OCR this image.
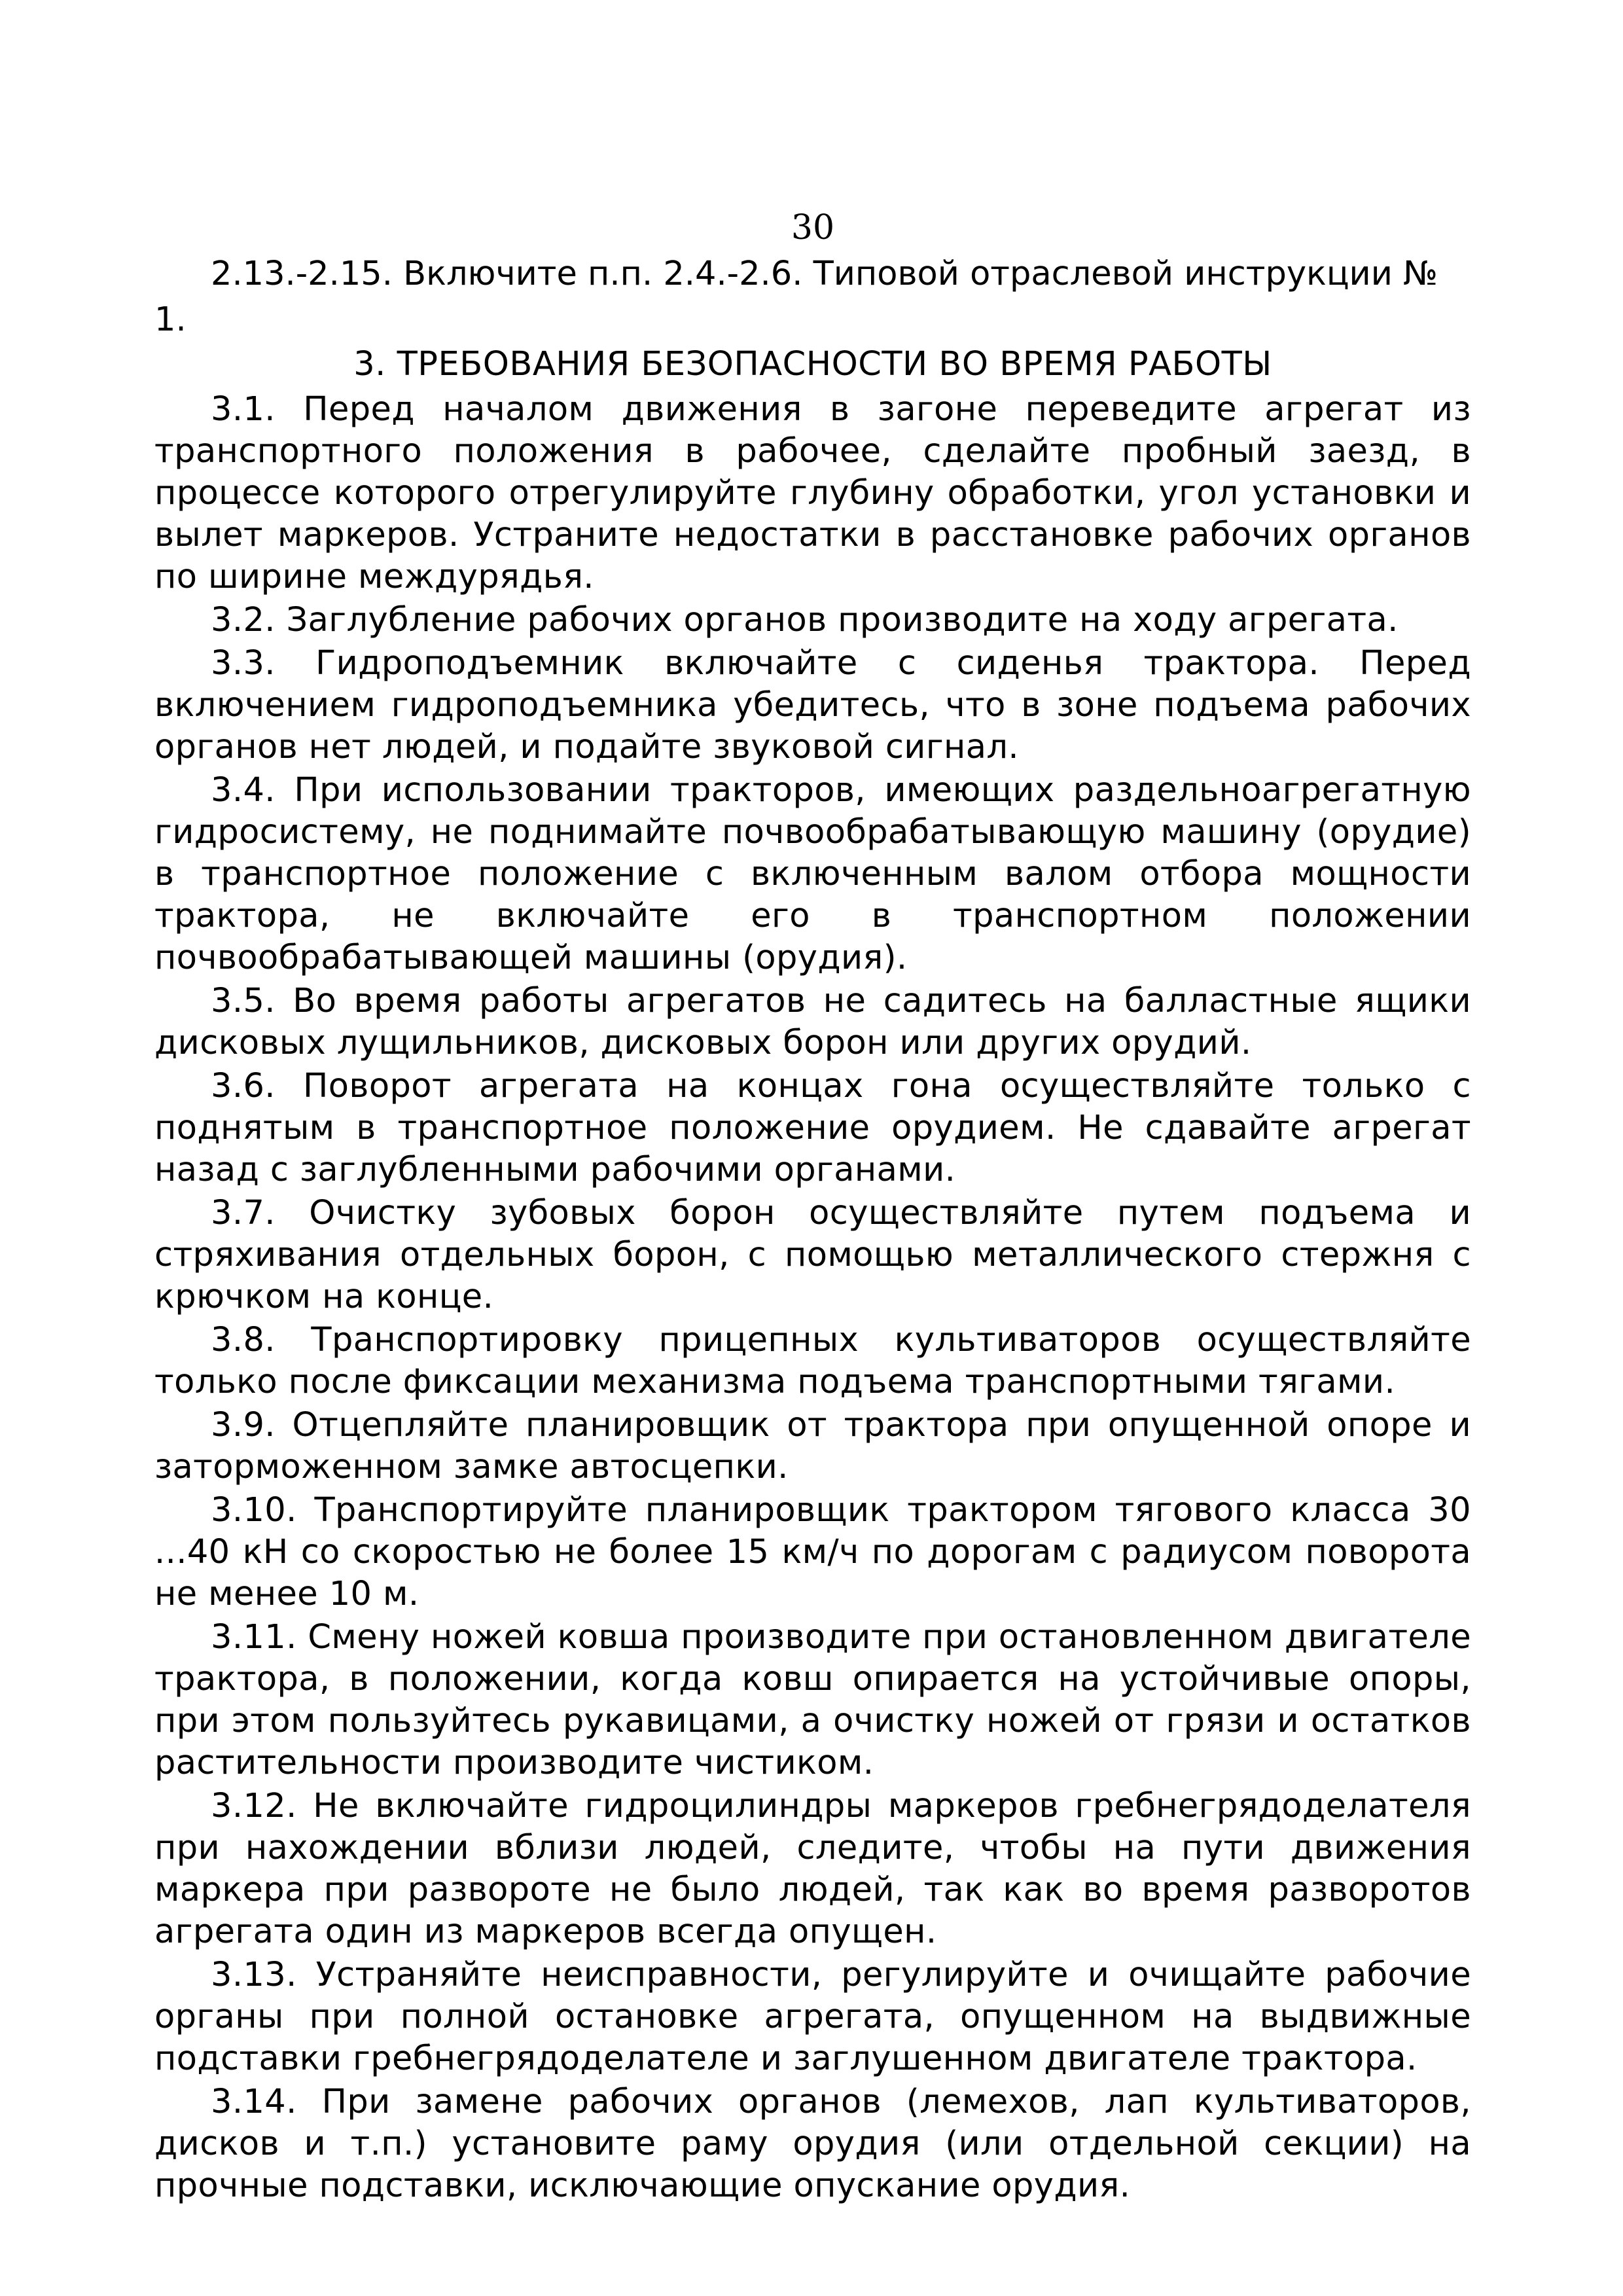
30

2.13.-2.15. Включите п.п. 2.4.-2.6. Типовой отраслевой инструкции № 1.

3. ТРЕБОВАНИЯ БЕЗОПАСНОСТИ ВО ВРЕМЯ РАБОТЫ

3.1. Перед началом движения в загоне переведите агрегат из транспортного положения в рабочее, сделайте пробный заезд, в процессе которого отрегулируйте глубину обработки, угол установки и вылет маркеров. Устраните недостатки в расстановке рабочих органов по ширине междурядья.

3.2. Заглубление рабочих органов производите на ходу агрегата.

3.3. Гидроподъемник включайте с сиденья трактора. Перед включением гидроподъемника убедитесь, что в зоне подъема рабочих органов нет людей, и подайте звуковой сигнал.

3.4. При использовании тракторов, имеющих раздельноагрегатную гидросистему, не поднимайте почвообрабатывающую машину (орудие) в транспортное положение с включенным валом отбора мощности трактора, не включайте его в транспортном положении почвообрабатывающей машины (орудия).

3.5. Во время работы агрегатов не садитесь на балластные ящики дисковых лущильников, дисковых борон или других орудий.

3.6. Поворот агрегата на концах гона осуществляйте только с поднятым в транспортное положение орудием. Не сдавайте агрегат назад с заглубленными рабочими органами.

3.7. Очистку зубовых борон осуществляйте путем подъема и стряхивания отдельных борон, с помощью металлического стержня с крючком на конце.

3.8. Транспортировку прицепных культиваторов осуществляйте только после фиксации механизма подъема транспортными тягами.

3.9. Отцепляйте планировщик от трактора при опущенной опоре и заторможенном замке автосцепки.

3.10. Транспортируйте планировщик трактором тягового класса 30 ...40 кН со скоростью не более 15 км/ч по дорогам с радиусом поворота не менее 10 м.

3.11. Смену ножей ковша производите при остановленном двигателе трактора, в положении, когда ковш опирается на устойчивые опоры, при этом пользуйтесь рукавицами, а очистку ножей от грязи и остатков растительности производите чистиком.

3.12. Не включайте гидроцилиндры маркеров гребнегрядоделателя при нахождении вблизи людей, следите, чтобы на пути движения маркера при развороте не было людей, так как во время разворотов агрегата один из маркеров всегда опущен.

3.13. Устраняйте неисправности, регулируйте и очищайте рабочие органы при полной остановке агрегата, опущенном на выдвижные подставки гребнегрядоделателе и заглушенном двигателе трактора.

3.14. При замене рабочих органов (лемехов, лап культиваторов, дисков и т.п.) установите раму орудия (или отдельной секции) на прочные подставки, исключающие опускание орудия.
